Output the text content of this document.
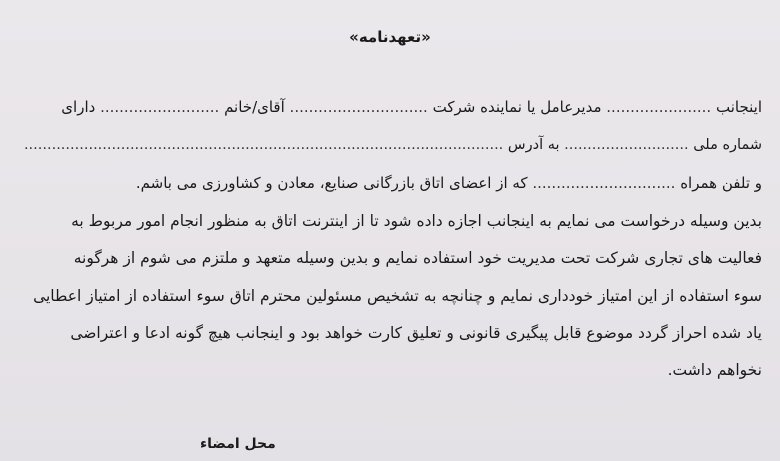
«تعهدنامه»
اینجانب ...................... مدیرعامل یا نماینده شرکت ............................. آقای/خانم ......................... دارای
شماره ملی ........................... به آدرس ........................................................................................................
و تلفن همراه .............................. که از اعضای اتاق بازرگانی صنایع، معادن و کشاورزی می باشم.
بدین وسیله درخواست می نمایم به اینجانب اجازه داده شود تا از اینترنت اتاق به منظور انجام امور مربوط به
فعالیت های تجاری شرکت تحت مدیریت خود استفاده نمایم و بدین وسیله متعهد و ملتزم می شوم از هرگونه
سوء استفاده از این امتیاز خودداری نمایم و چنانچه به تشخیص مسئولین محترم اتاق سوء استفاده از امتیاز اعطایی
یاد شده احراز گردد موضوع قابل پیگیری قانونی و تعلیق کارت خواهد بود و اینجانب هیچ گونه ادعا و اعتراضی
نخواهم داشت.
محل امضاء
